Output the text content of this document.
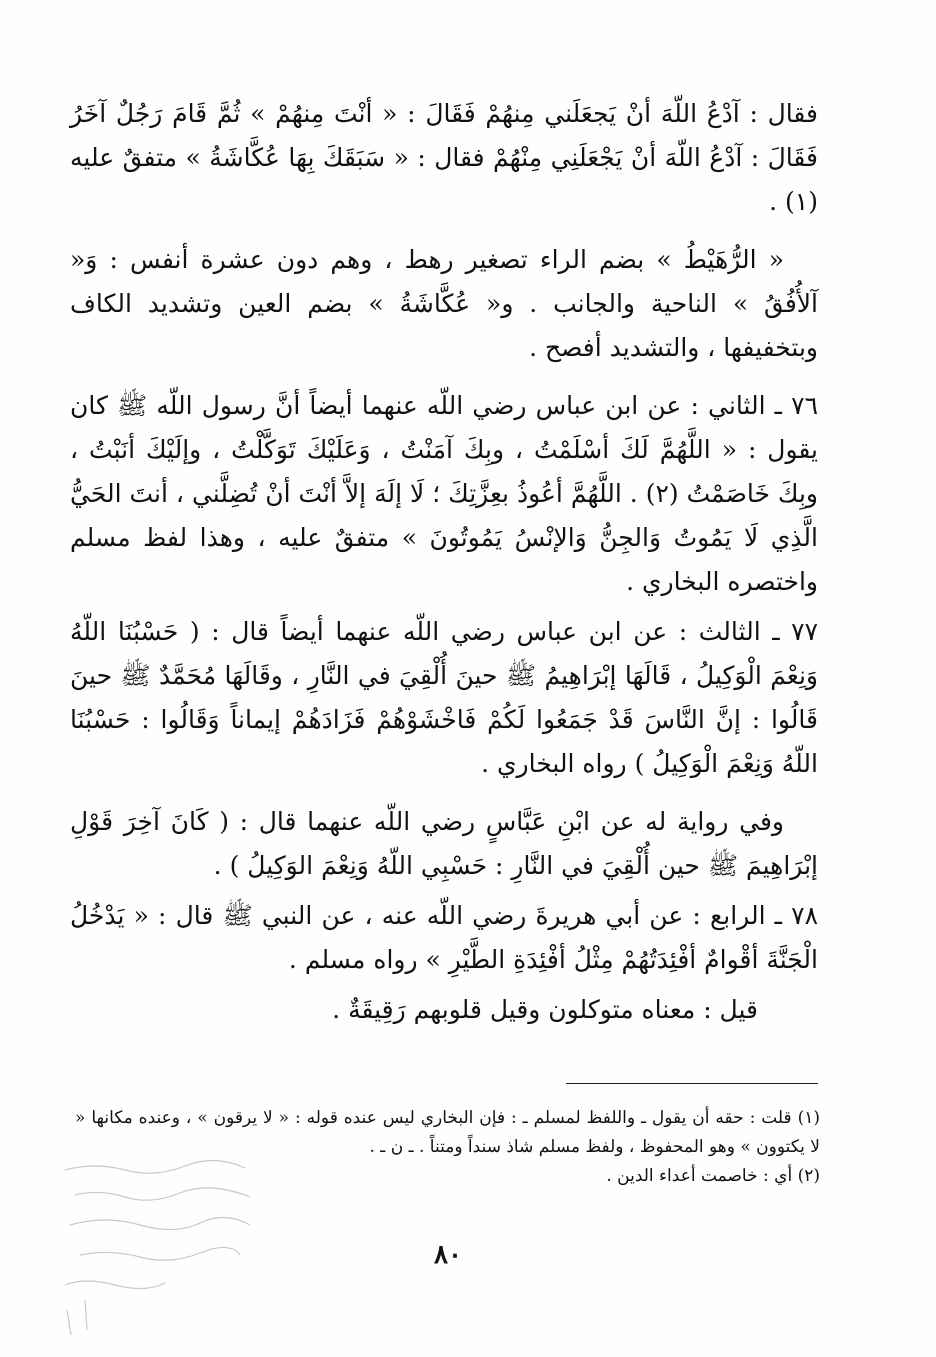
فقال : آدْعُ اللّهَ أنْ يَجعَلَني مِنهُمْ فَقَالَ : « أنْتَ مِنهُمْ » ثُمَّ قَامَ رَجُلٌ آخَرُ فَقَالَ : آدْعُ اللّهَ أنْ يَجْعَلَنِي مِنْهُمْ فقال : « سَبَقَكَ بِهَا عُكَّاشَةُ » متفقٌ عليه (١) .

« الرُّهَيْطُ » بضم الراء تصغير رهط ، وهم دون عشرة أنفس : وَ« آلأُفُقُ » الناحية والجانب . و« عُكَّاشَةُ » بضم العين وتشديد الكاف وبتخفيفها ، والتشديد أفصح .

٧٦ ـ الثاني : عن ابن عباس رضي اللّه عنهما أيضاً أنَّ رسول اللّه ﷺ كان يقول : « اللَّهُمَّ لَكَ أسْلَمْتُ ، وبِكَ آمَنْتُ ، وَعَلَيْكَ تَوَكَّلْتُ ، وإلَيْكَ أنَبْتُ ، وبِكَ خَاصَمْتُ (٢) . اللَّهُمَّ أعُوذُ بعِزَّتِكَ ؛ لَا إلَهَ إلاَّ أنْتَ أنْ تُضِلَّني ، أنتَ الحَيُّ الَّذِي لَا يَمُوتُ وَالجِنُّ وَالإنْسُ يَمُوتُونَ » متفقٌ عليه ، وهذا لفظ مسلم واختصره البخاري .

٧٧ ـ الثالث : عن ابن عباس رضي اللّه عنهما أيضاً قال : ( حَسْبُنَا اللّهُ وَنِعْمَ الْوَكِيلُ ، قَالَهَا إبْرَاهِيمُ ﷺ حينَ أُلْقِيَ في النَّارِ ، وقَالَهَا مُحَمَّدٌ ﷺ حينَ قَالُوا : إنَّ النَّاسَ قَدْ جَمَعُوا لَكُمْ فَاخْشَوْهُمْ فَزَادَهُمْ إيماناً وَقَالُوا : حَسْبُنَا اللّهُ وَنِعْمَ الْوَكِيلُ ) رواه البخاري .

وفي رواية له عن ابْنِ عَبَّاسٍ رضي اللّه عنهما قال : ( كَانَ آخِرَ قَوْلِ إبْرَاهِيمَ ﷺ حين أُلْقِيَ في النَّارِ : حَسْبِي اللّهُ وَنِعْمَ الوَكِيلُ ) .

٧٨ ـ الرابع : عن أبي هريرةَ رضي اللّه عنه ، عن النبي ﷺ قال : « يَدْخُلُ الْجَنَّةَ أقْوامٌ أفْئِدَتُهُمْ مِثْلُ أفْئِدَةِ الطَّيْرِ » رواه مسلم .

قيل : معناه متوكلون وقيل قلوبهم رَقِيقَةٌ .

(١) قلت : حقه أن يقول ـ واللفظ لمسلم ـ : فإن البخاري ليس عنده قوله : « لا يرقون » ، وعنده مكانها « لا يكتوون » وهو المحفوظ ، ولفظ مسلم شاذ سنداً ومتناً . ـ ن ـ .

(٢) أي : خاصمت أعداء الدين .

٨٠
